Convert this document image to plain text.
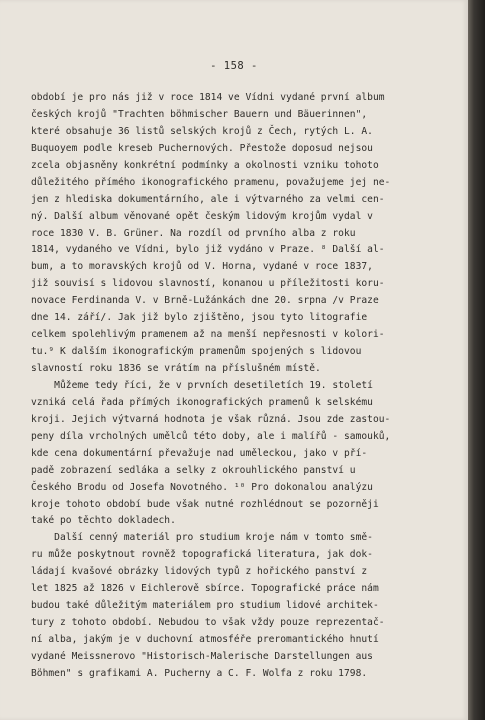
- 158 -
období je pro nás již v roce 1814 ve Vídni vydané první album
českých krojů "Trachten böhmischer Bauern und Bäuerinnen",
které obsahuje 36 listů selských krojů z Čech, rytých L. A.
Buquoyem podle kreseb Puchernových. Přestože doposud nejsou
zcela objasněny konkrétní podmínky a okolnosti vzniku tohoto
důležitého přímého ikonografického pramenu, považujeme jej ne-
jen z hlediska dokumentárního, ale i výtvarného za velmi cen-
ný. Další album věnované opět českým lidovým krojům vydal v
roce 1830 V. B. Grüner. Na rozdíl od prvního alba z roku
1814, vydaného ve Vídni, bylo již vydáno v Praze. ⁸ Další al-
bum, a to moravských krojů od V. Horna, vydané v roce 1837,
již souvisí s lidovou slavností, konanou u příležitosti koru-
novace Ferdinanda V. v Brně-Lužánkách dne 20. srpna /v Praze
dne 14. září/. Jak již bylo zjištěno, jsou tyto litografie
celkem spolehlivým pramenem až na menší nepřesnosti v kolori-
tu.⁹ K dalším ikonografickým pramenům spojených s lidovou
slavností roku 1836 se vrátím na příslušném místě.
Můžeme tedy říci, že v prvních desetiletích 19. století
vzniká celá řada přímých ikonografických pramenů k selskému
kroji. Jejich výtvarná hodnota je však různá. Jsou zde zastou-
peny díla vrcholných umělců této doby, ale i malířů - samouků,
kde cena dokumentární převažuje nad uměleckou, jako v pří-
padě zobrazení sedláka a selky z okrouhlického panství u
Českého Brodu od Josefa Novotného. ¹⁰ Pro dokonalou analýzu
kroje tohoto období bude však nutné rozhlédnout se pozorněji
také po těchto dokladech.
Další cenný materiál pro studium kroje nám v tomto smě-
ru může poskytnout rovněž topografická literatura, jak dok-
ládají kvašové obrázky lidových typů z hořického panství z
let 1825 až 1826 v Eichlerově sbírce. Topografické práce nám
budou také důležitým materiálem pro studium lidové architek-
tury z tohoto období. Nebudou to však vždy pouze reprezentač-
ní alba, jakým je v duchovní atmosféře preromantického hnutí
vydané Meissnerovo "Historisch-Malerische Darstellungen aus
Böhmen" s grafikami A. Pucherny a C. F. Wolfa z roku 1798.
